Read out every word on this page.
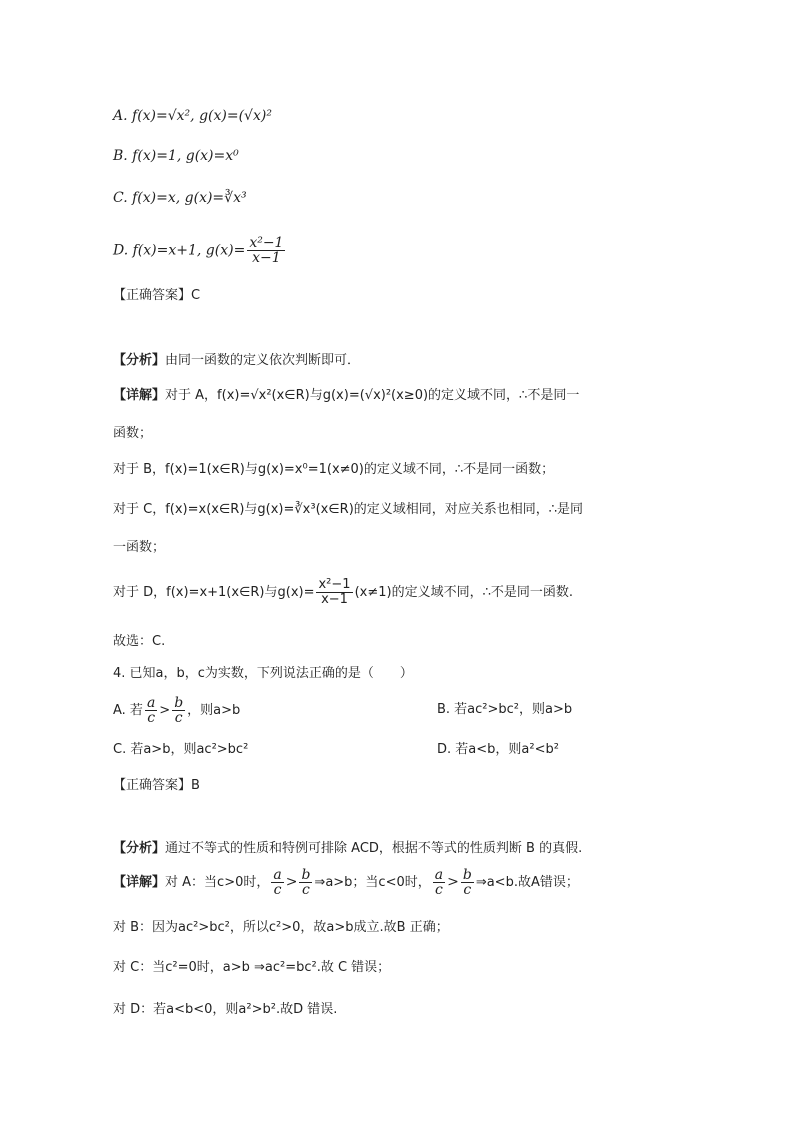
A. f(x)=√x², g(x)=(√x)²
B. f(x)=1, g(x)=x⁰
C. f(x)=x, g(x)=∛x³
D. f(x)=x+1, $g(x)= \frac{\text{x²−1}}{x-1}$
【正确答案】C
【分析】由同一函数的定义依次判断即可．
【详解】对于 A，f(x)=√x²(x∈R)与g(x)=(√x)²(x≥0)的定义域不同，∴不是同一
函数；
对于 B，f(x)=1(x∈R)与g(x)=x⁰=1(x≠0)的定义域不同，∴不是同一函数；
对于 C，f(x)=x(x∈R)与g(x)=∛x³(x∈R)的定义域相同，对应关系也相同，∴是同
一函数；
对于 D，f(x)=x+1(x∈R)与$g(x)= \frac{\text{x²−1}}{x-1} (x\ne 1)$的定义域不同，∴不是同一函数.
故选：C.
4. 已知a，b，c为实数，下列说法正确的是（　　）
A. 若 $\frac{a}{c} > \frac{b}{c}$ ，则a>b	B. 若ac²>bc²，则a>b
C. 若a>b，则ac²>bc²	D. 若a<b，则a²<b²
【正确答案】B
【分析】通过不等式的性质和特例可排除 ACD，根据不等式的性质判断 B 的真假.
【详解】对 A：当c>0时， $\frac{a}{c} > \frac{b}{c}$ ⇒a>b；当c<0时， $\frac{a}{c} > \frac{b}{c}$ ⇒a<b.故A错误；
对 B：因为ac²>bc²，所以c²>0，故a>b成立.故B 正确；
对 C：当c²=0时，a>b ⇒ac²=bc².故 C 错误；
对 D：若a<b<0，则a²>b².故D 错误.
